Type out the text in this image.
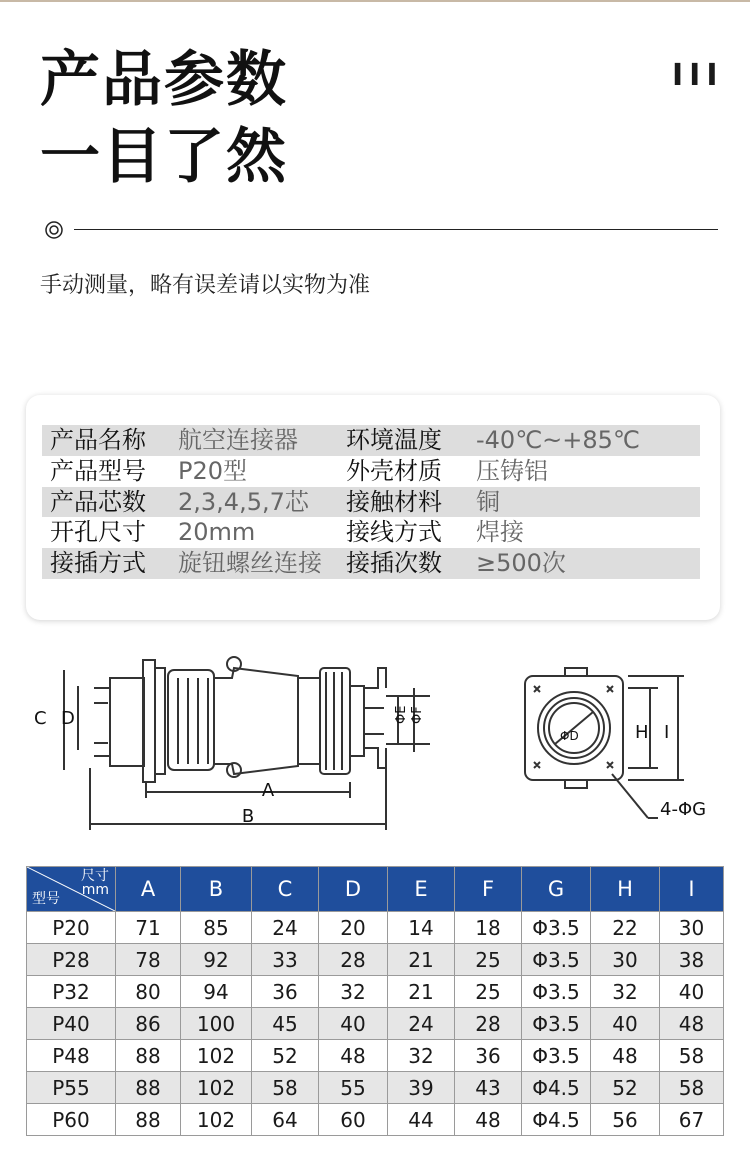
产品参数
一目了然
III
手动测量，略有误差请以实物为准
产品名称 航空连接器 环境温度 -40℃~+85℃
产品型号 P20型	外壳材质 压铸铝
产品芯数 2,3,4,5,7芯 接触材料 铜
开孔尺寸 20mm	接线方式 焊接
接插方式 旋钮螺丝连接 接插次数 ≥500次
A
B
C D	ΦE ΦF
ΦD	H I
4-ΦG
尺寸
mm
型号	A	B	C	D	E	F	G	H	I
P20	71	85	24	20	14	18	Φ3.5	22	30
P28	78	92	33	28	21	25	Φ3.5	30	38
P32	80	94	36	32	21	25	Φ3.5	32	40
P40	86	100	45	40	24	28	Φ3.5	40	48
P48	88	102	52	48	32	36	Φ3.5	48	58
P55	88	102	58	55	39	43	Φ4.5	52	58
P60	88	102	64	60	44	48	Φ4.5	56	67
